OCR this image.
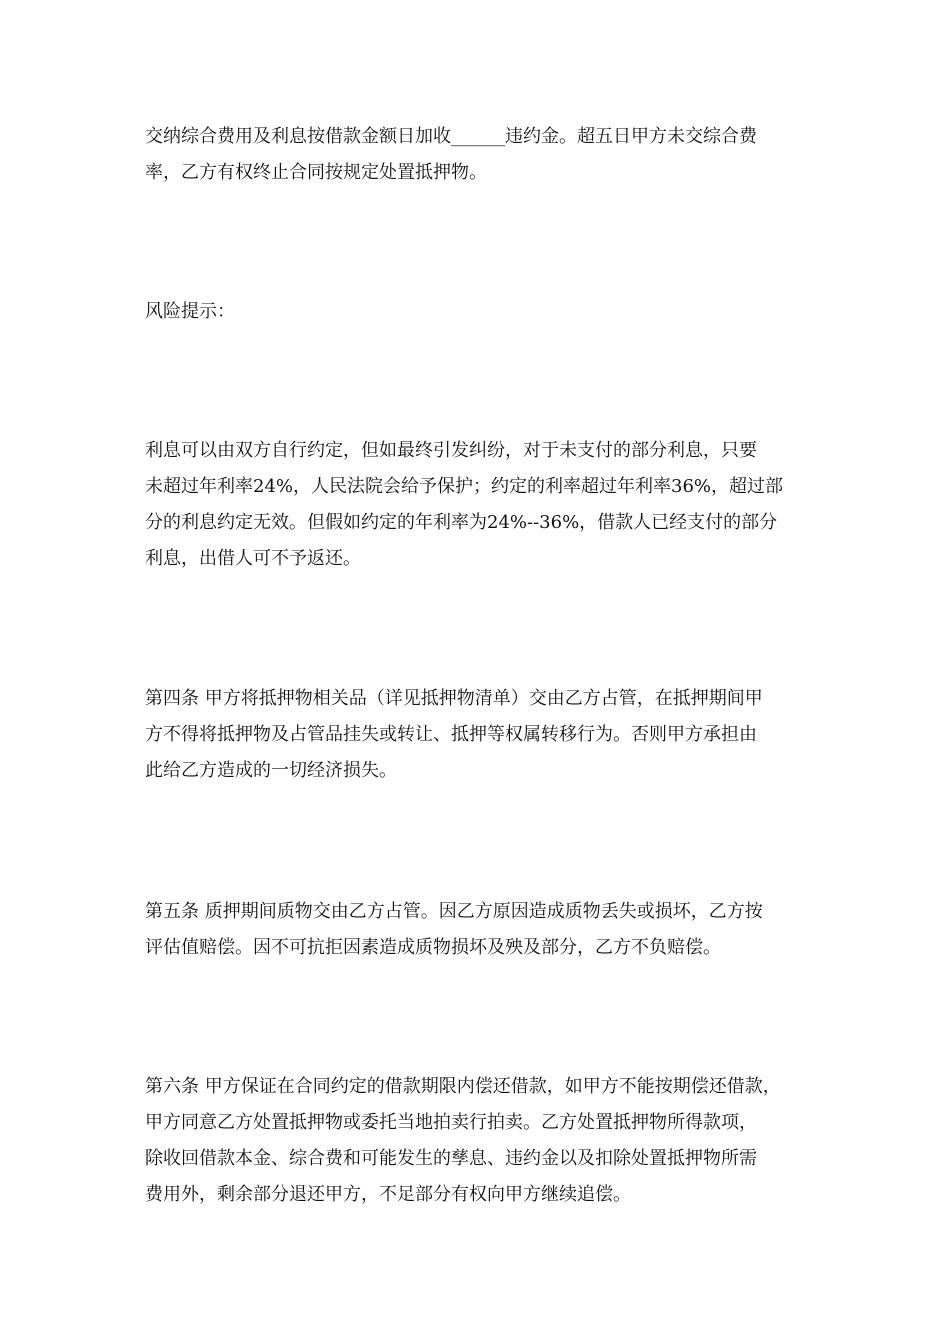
交纳综合费用及利息按借款金额日加收______违约金。超五日甲方未交综合费
率，乙方有权终止合同按规定处置抵押物。

风险提示：

利息可以由双方自行约定，但如最终引发纠纷，对于未支付的部分利息，只要
未超过年利率24%，人民法院会给予保护；约定的利率超过年利率36%，超过部
分的利息约定无效。但假如约定的年利率为24%--36%，借款人已经支付的部分
利息，出借人可不予返还。

第四条 甲方将抵押物相关品（详见抵押物清单）交由乙方占管，在抵押期间甲
方不得将抵押物及占管品挂失或转让、抵押等权属转移行为。否则甲方承担由
此给乙方造成的一切经济损失。

第五条 质押期间质物交由乙方占管。因乙方原因造成质物丢失或损坏，乙方按
评估值赔偿。因不可抗拒因素造成质物损坏及殃及部分，乙方不负赔偿。

第六条 甲方保证在合同约定的借款期限内偿还借款，如甲方不能按期偿还借款，
甲方同意乙方处置抵押物或委托当地拍卖行拍卖。乙方处置抵押物所得款项，
除收回借款本金、综合费和可能发生的孳息、违约金以及扣除处置抵押物所需
费用外，剩余部分退还甲方，不足部分有权向甲方继续追偿。
